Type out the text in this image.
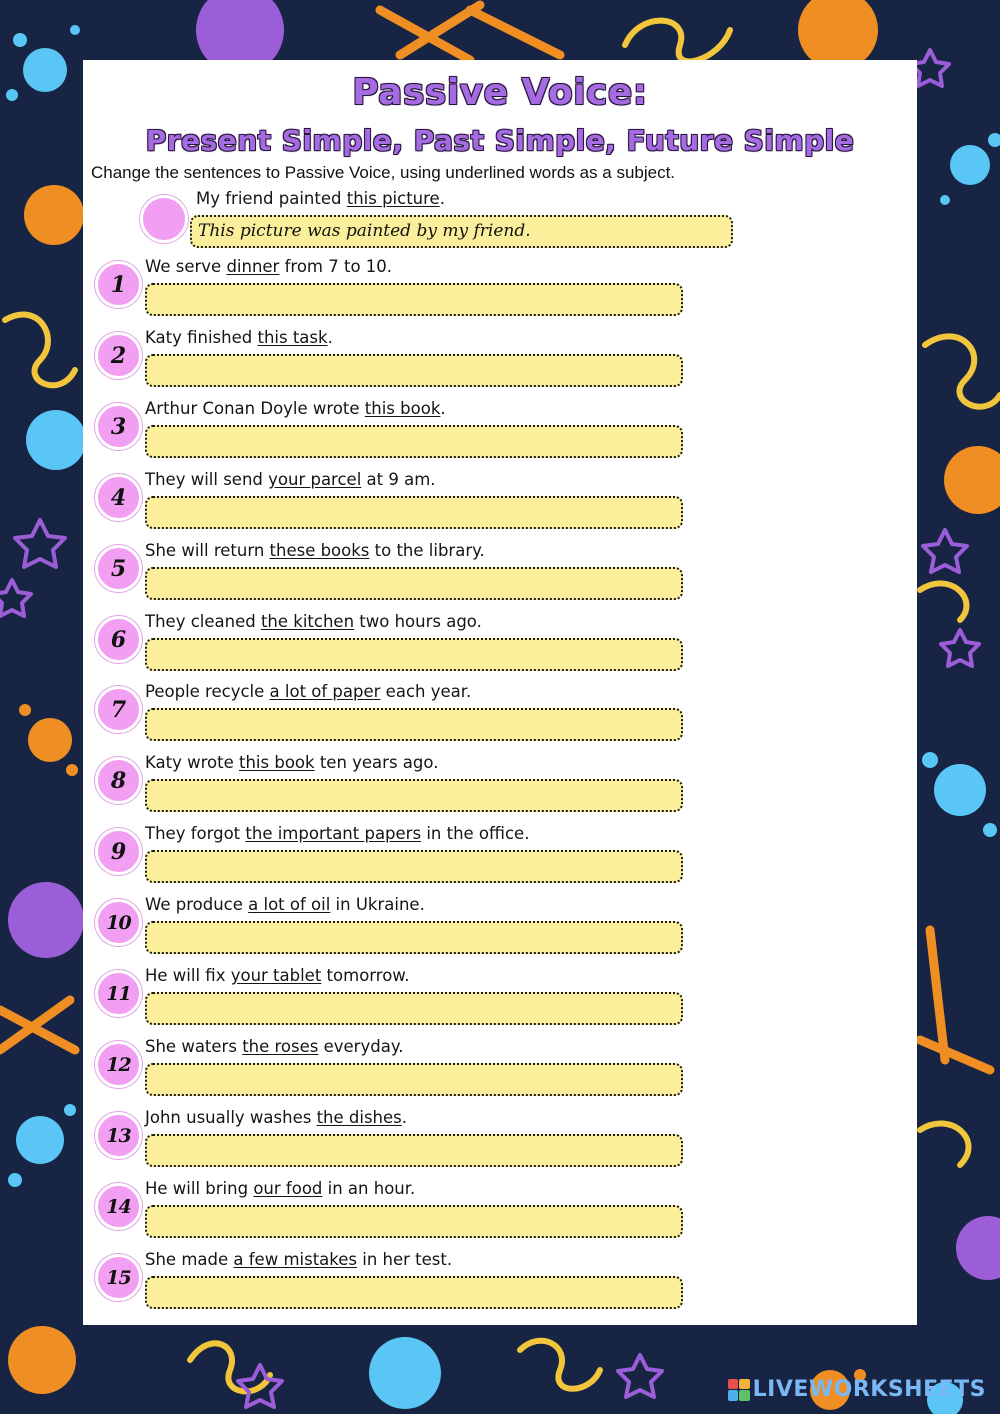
Passive Voice:
Present Simple, Past Simple, Future Simple
Change the sentences to Passive Voice, using underlined words as a subject.
My friend painted this picture.
This picture was painted by my friend.
1
We serve dinner from 7 to 10.
2
Katy finished this task.
3
Arthur Conan Doyle wrote this book.
4
They will send your parcel at 9 am.
5
She will return these books to the library.
6
They cleaned the kitchen two hours ago.
7
People recycle a lot of paper each year.
8
Katy wrote this book ten years ago.
9
They forgot the important papers in the office.
10
We produce a lot of oil in Ukraine.
11
He will fix your tablet tomorrow.
12
She waters the roses everyday.
13
John usually washes the dishes.
14
He will bring our food in an hour.
15
She made a few mistakes in her test.
LIVEWORKSHEETS
